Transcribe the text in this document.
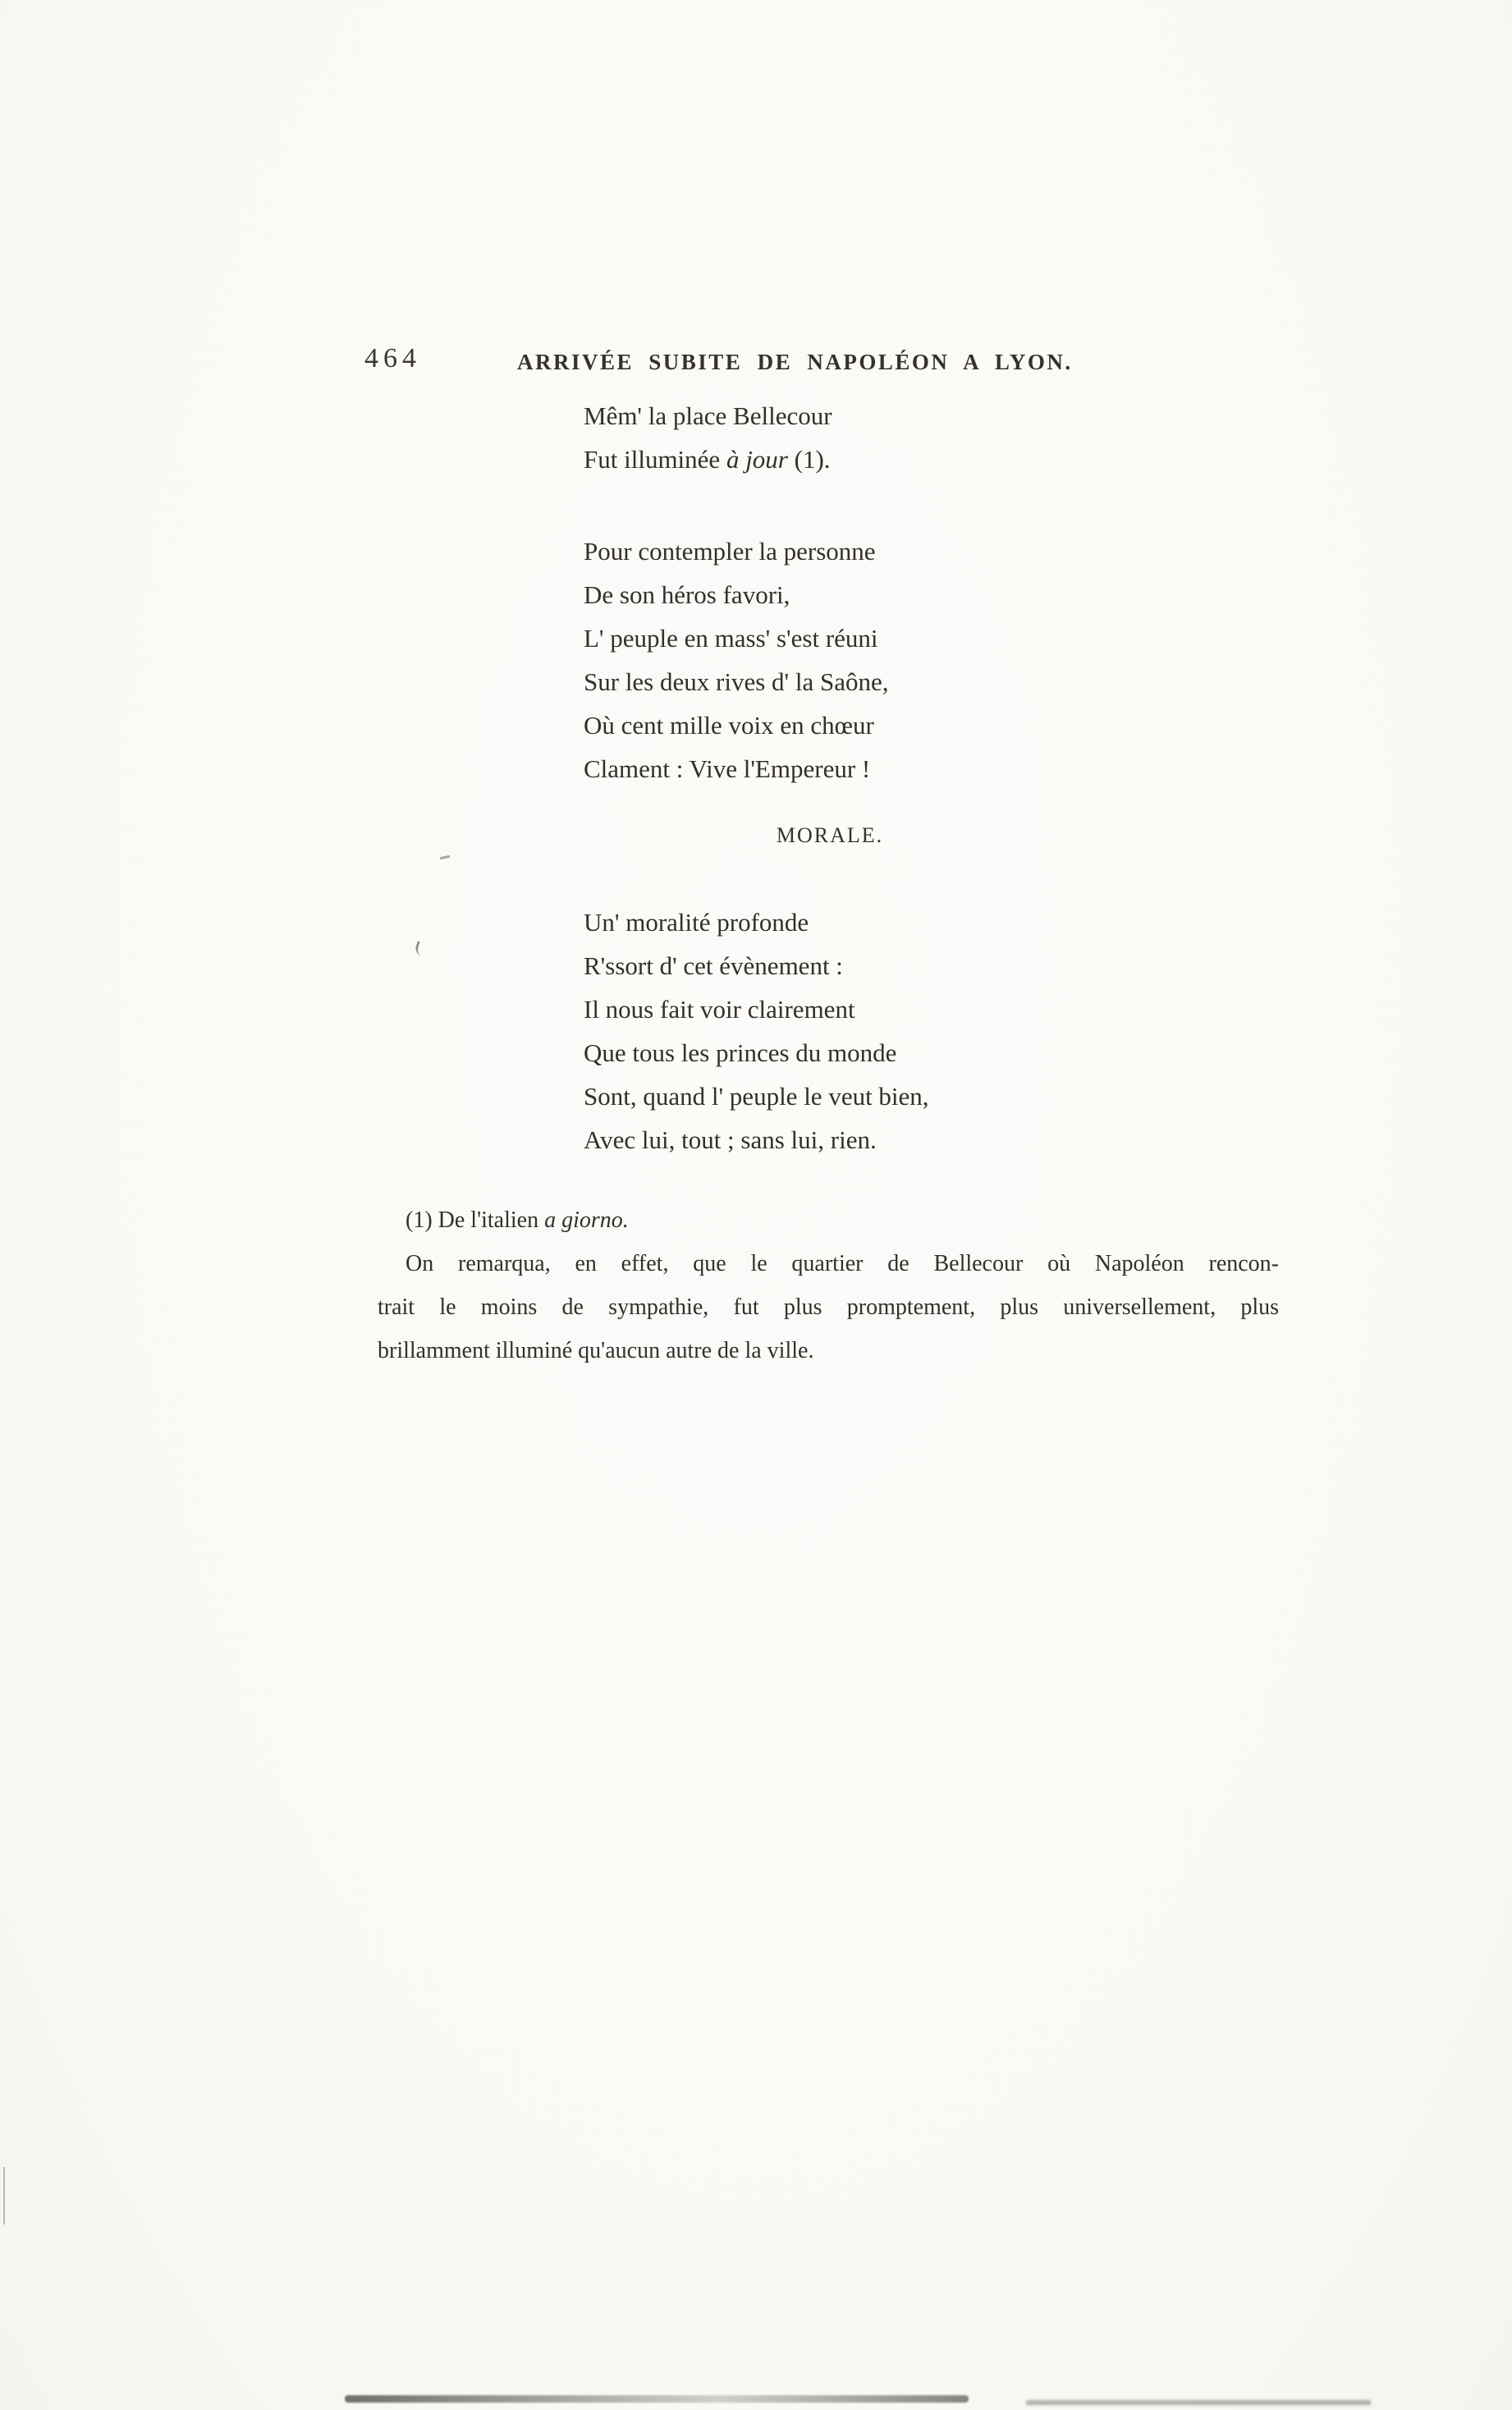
464	ARRIVÉE SUBITE DE NAPOLÉON A LYON.
Mêm' la place Bellecour
Fut illuminée à jour (1).
Pour contempler la personne
De son héros favori,
L' peuple en mass' s'est réuni
Sur les deux rives d' la Saône,
Où cent mille voix en chœur
Clament : Vive l'Empereur !
MORALE.
Un' moralité profonde
R'ssort d' cet évènement :
Il nous fait voir clairement
Que tous les princes du monde
Sont, quand l' peuple le veut bien,
Avec lui, tout ; sans lui, rien.
(1) De l'italien a giorno.
On remarqua, en effet, que le quartier de Bellecour où Napoléon rencon-
trait le moins de sympathie, fut plus promptement, plus universellement, plus
brillamment illuminé qu'aucun autre de la ville.
